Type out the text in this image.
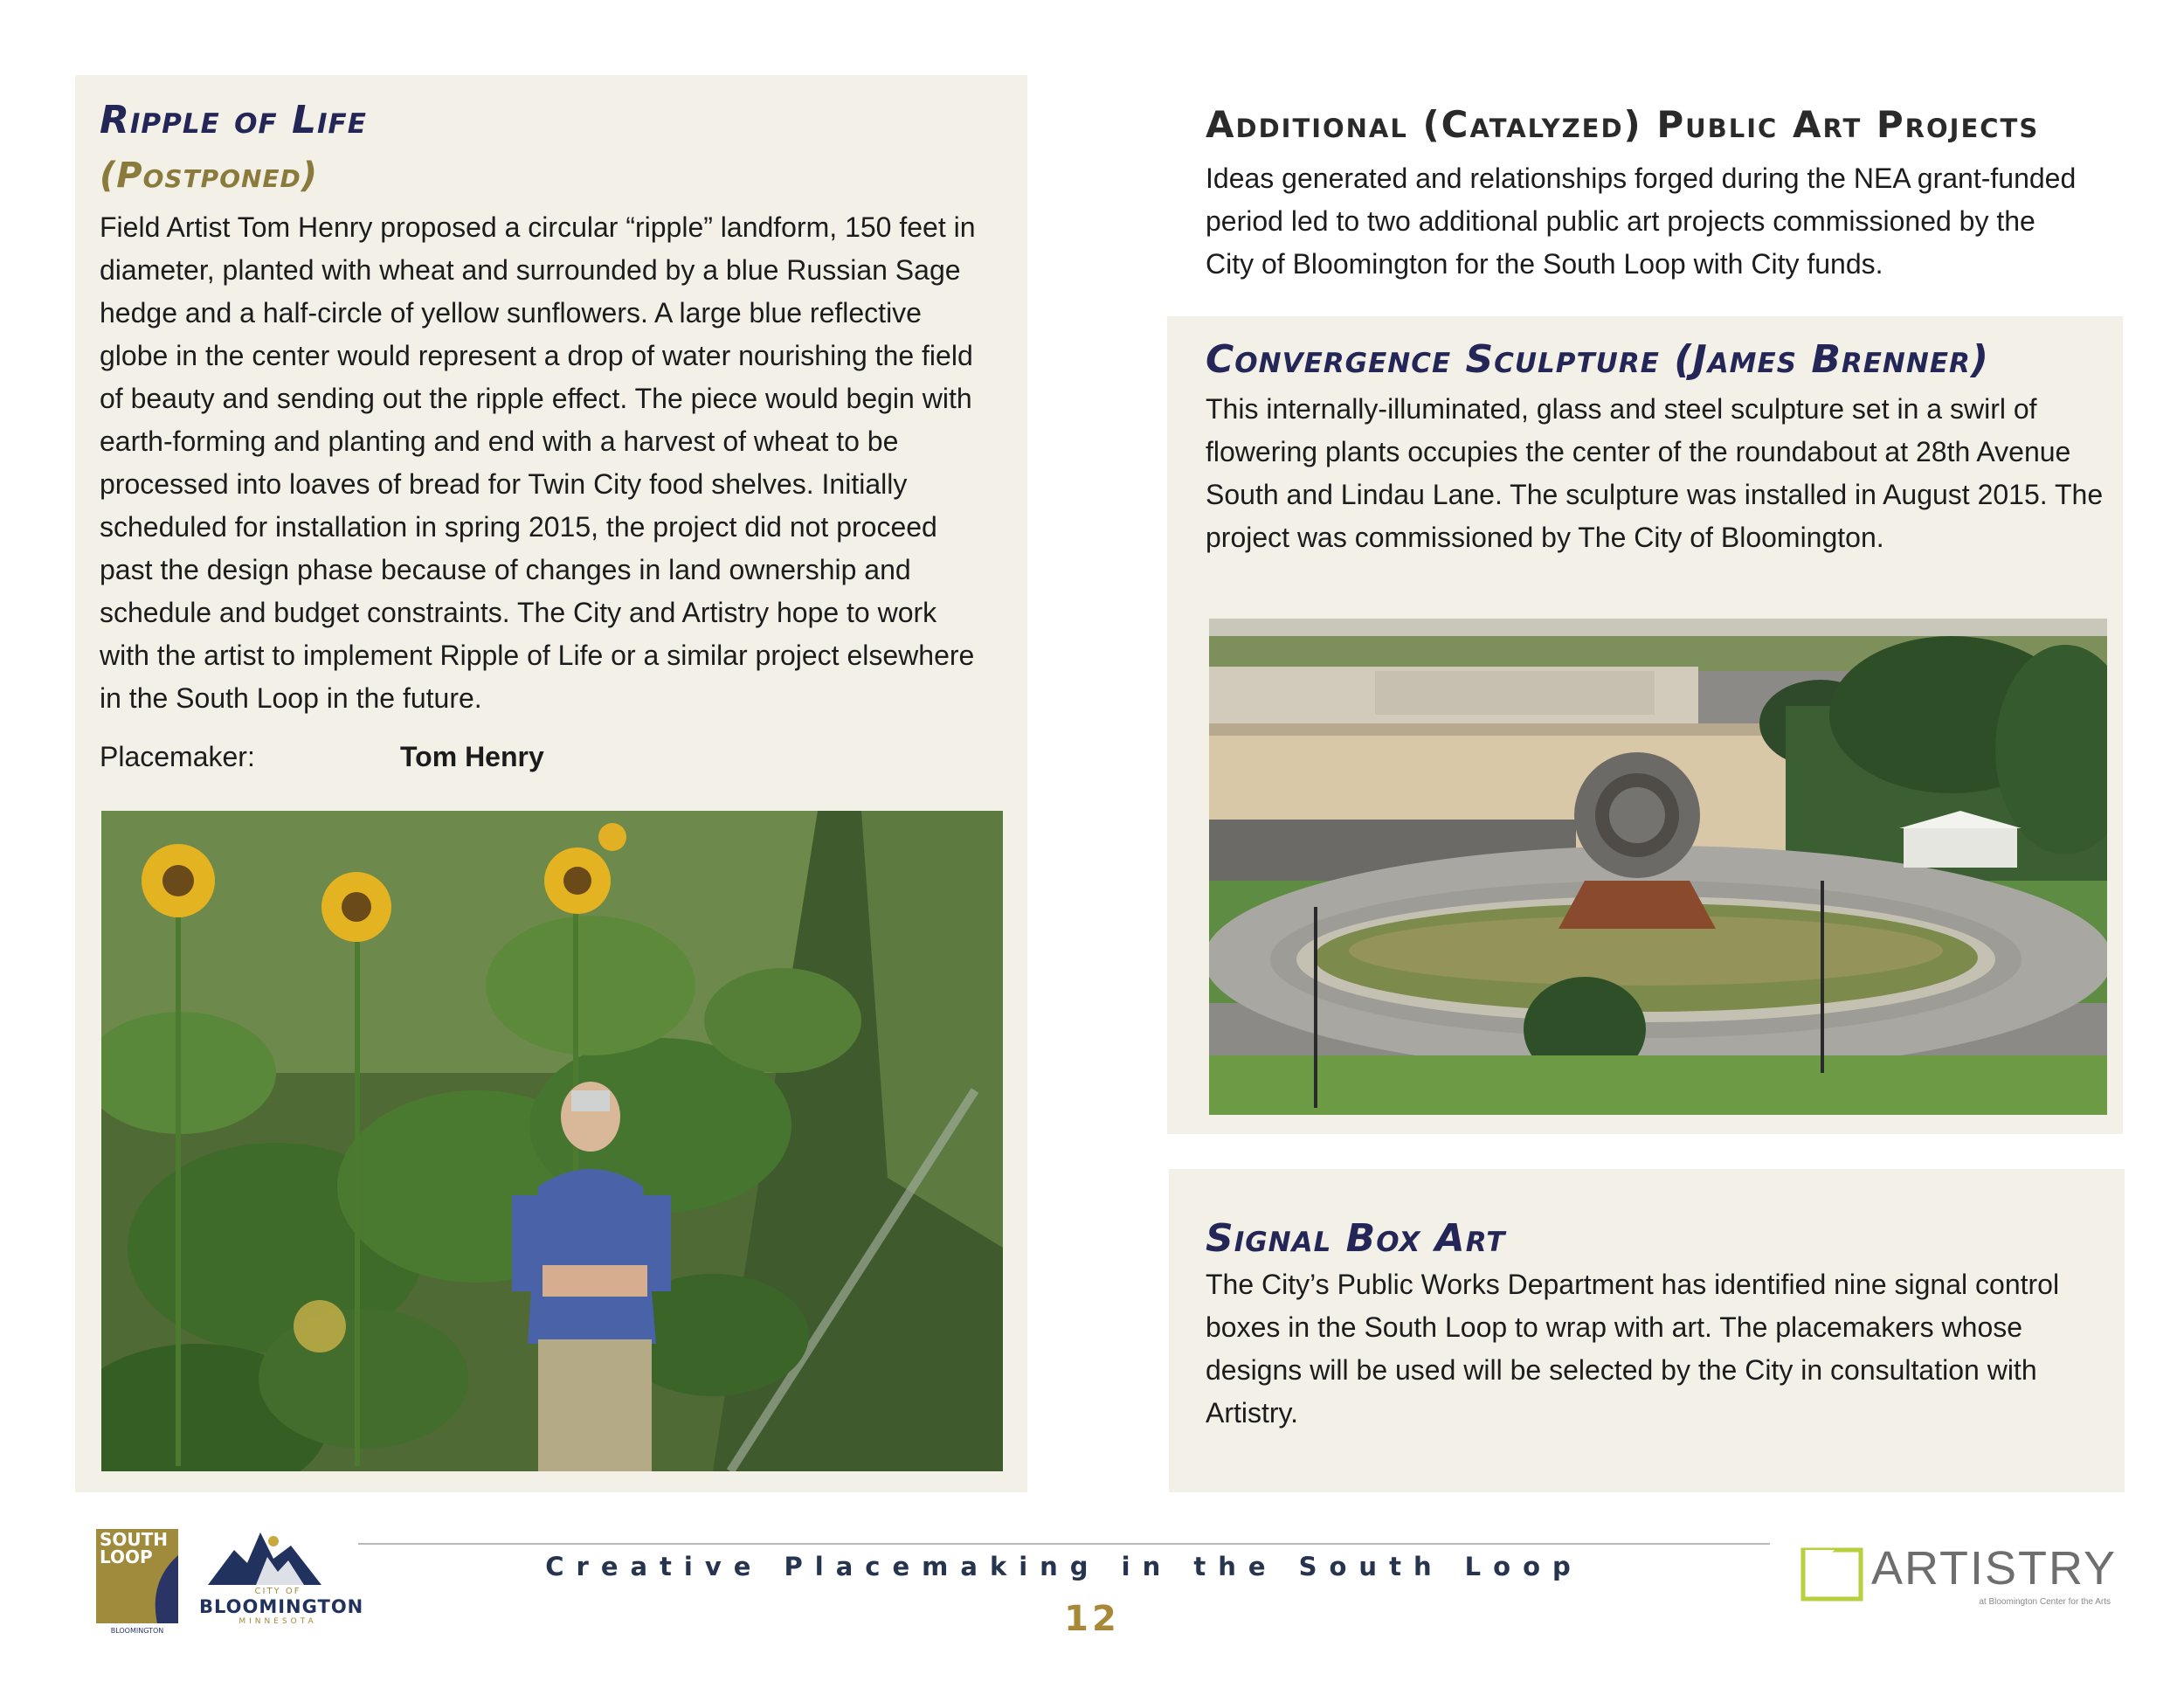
Ripple of Life
(Postponed)
Field Artist Tom Henry proposed a circular “ripple” landform, 150 feet in
diameter, planted with wheat and surrounded by a blue Russian Sage
hedge and a half-circle of yellow sunflowers. A large blue reflective
globe in the center would represent a drop of water nourishing the field
of beauty and sending out the ripple effect. The piece would begin with
earth-forming and planting and end with a harvest of wheat to be
processed into loaves of bread for Twin City food shelves. Initially
scheduled for installation in spring 2015, the project did not proceed
past the design phase because of changes in land ownership and
schedule and budget constraints. The City and Artistry hope to work
with the artist to implement Ripple of Life or a similar project elsewhere
in the South Loop in the future.
Placemaker:	Tom Henry
Additional (Catalyzed) Public Art Projects
Ideas generated and relationships forged during the NEA grant-funded
period led to two additional public art projects commissioned by the
City of Bloomington for the South Loop with City funds.
Convergence Sculpture (James Brenner)
This internally-illuminated, glass and steel sculpture set in a swirl of
flowering plants occupies the center of the roundabout at 28th Avenue
South and Lindau Lane. The sculpture was installed in August 2015. The
project was commissioned by The City of Bloomington.
Signal Box Art
The City’s Public Works Department has identified nine signal control
boxes in the South Loop to wrap with art. The placemakers whose
designs will be used will be selected by the City in consultation with
Artistry.
SOUTH
LOOP
BLOOMINGTON
CITY OF
BLOOMINGTON
MINNESOTA
Creative Placemaking in the South Loop
12
ARTISTRY
at Bloomington Center for the Arts
